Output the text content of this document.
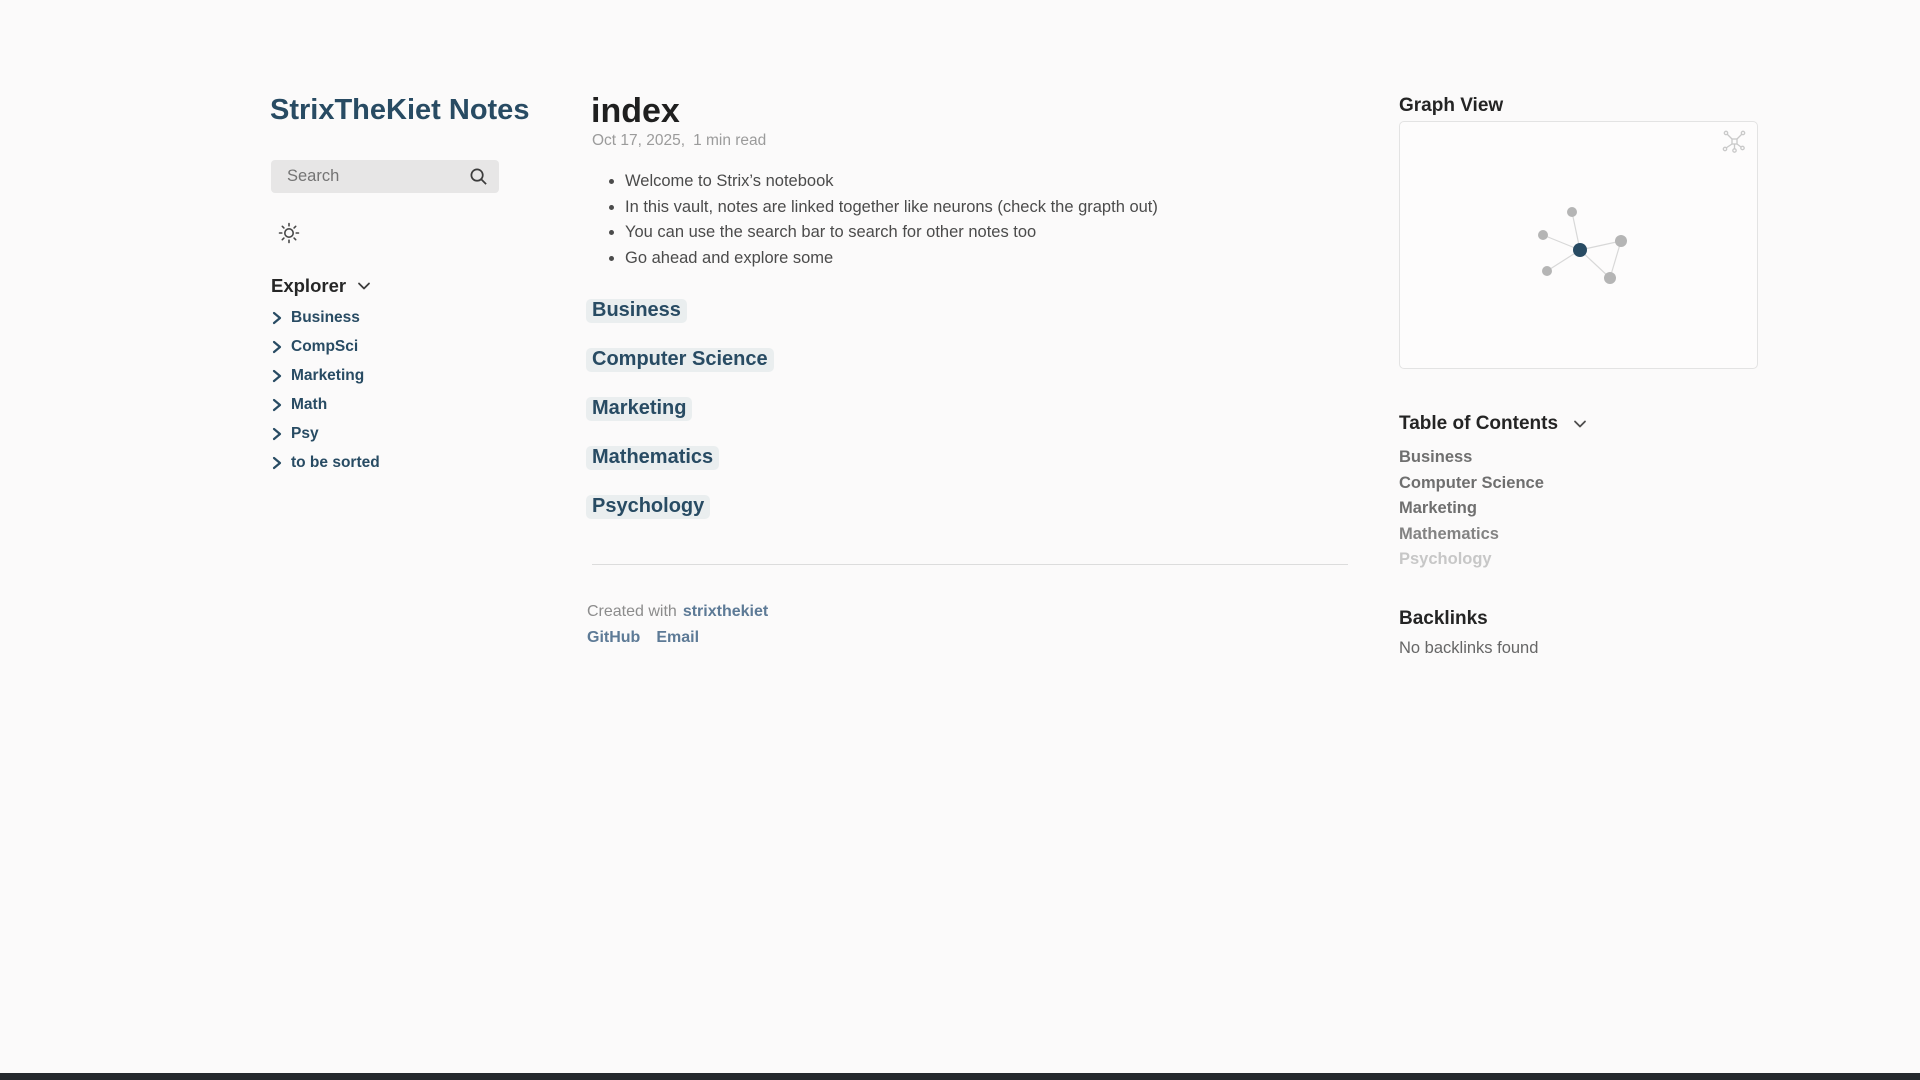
StrixTheKiet Notes
Search
Explorer
Business
CompSci
Marketing
Math
Psy
to be sorted
index

Oct 17, 2025, 1 min read

• Welcome to Strix’s notebook
• In this vault, notes are linked together like neurons (check the grapth out)
• You can use the search bar to search for other notes too
• Go ahead and explore some
Business
Computer Science
Marketing
Mathematics
Psychology

Created with strixthekiet

GitHub Email

Graph View
Table of Contents
Business
Computer Science
Marketing
Mathematics
Psychology
Backlinks

No backlinks found
